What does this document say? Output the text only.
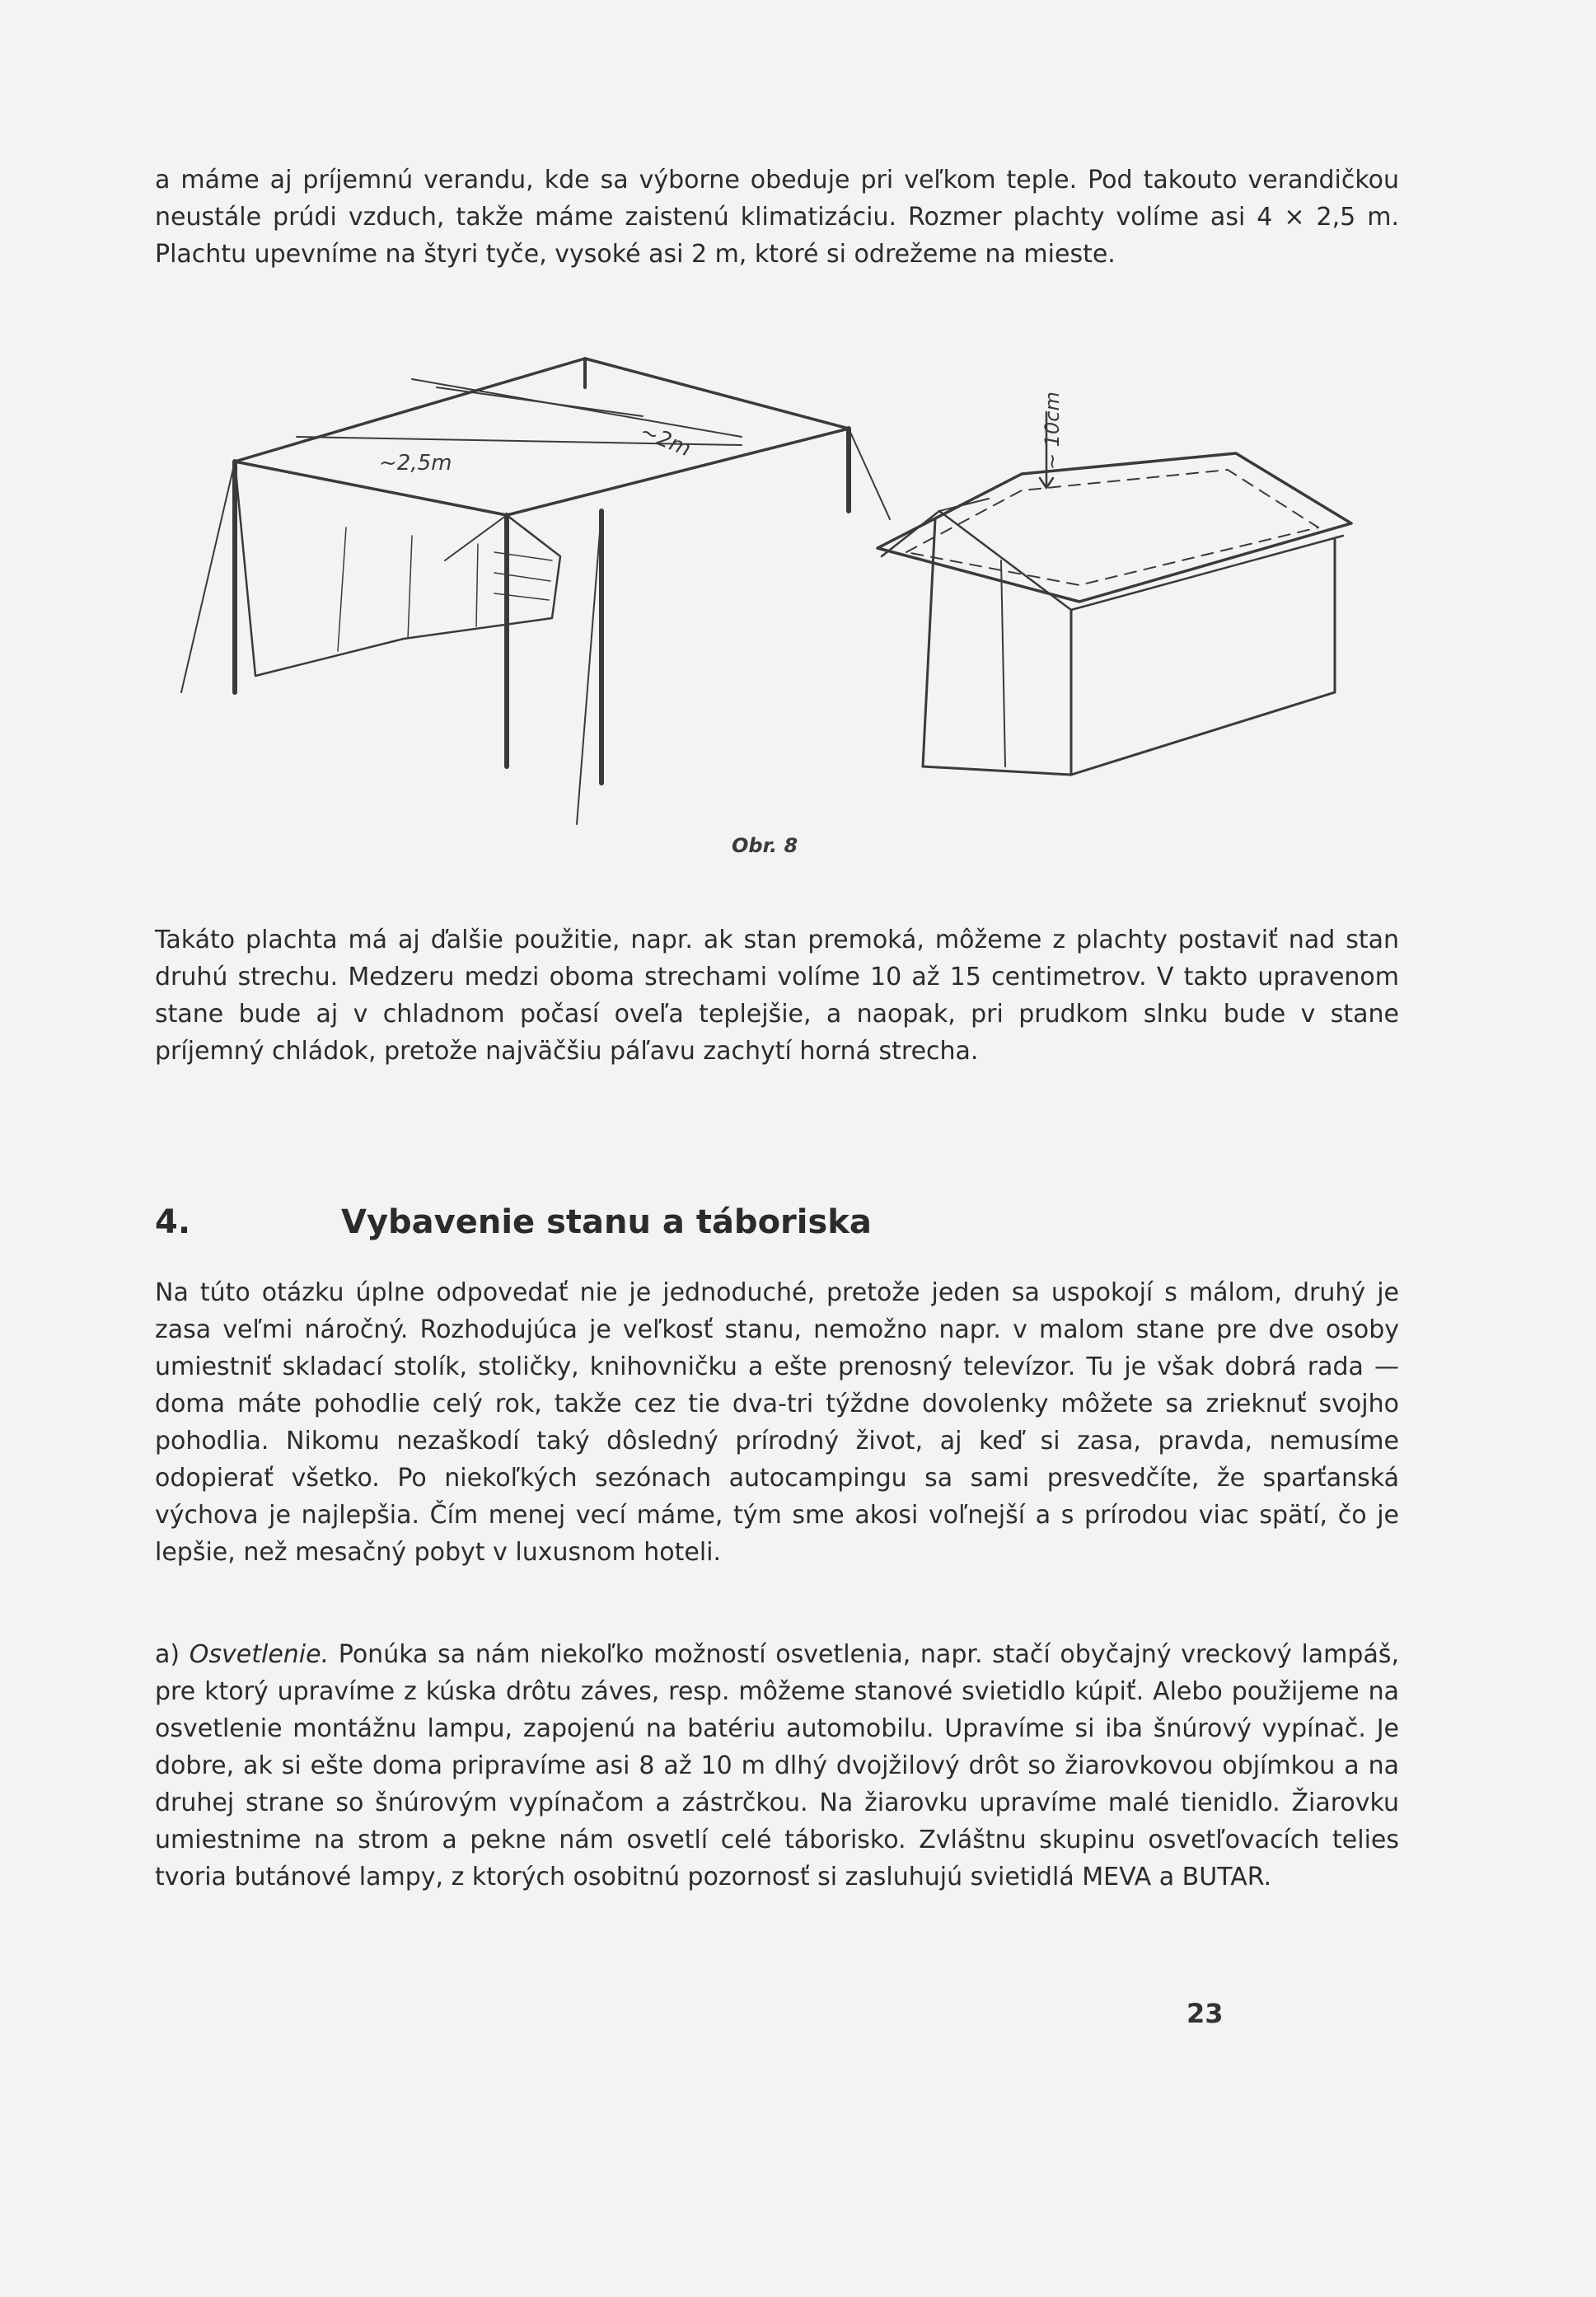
a máme aj príjemnú verandu, kde sa výborne obeduje pri veľkom teple. Pod takouto verandičkou neustále prúdi vzduch, takže máme zaistenú klimatizáciu. Rozmer plachty volíme asi 4 × 2,5 m. Plachtu upevníme na štyri tyče, vysoké asi 2 m, ktoré si odrežeme na mieste.

~2,5m
~2m	~ 10cm
Obr. 8

Takáto plachta má aj ďalšie použitie, napr. ak stan premoká, môžeme z plachty postaviť nad stan druhú strechu. Medzeru medzi oboma strechami volíme 10 až 15 centimetrov. V takto upravenom stane bude aj v chladnom počasí oveľa teplejšie, a naopak, pri prudkom slnku bude v stane príjemný chládok, pretože najväčšiu páľavu zachytí horná strecha.

4.	Vybavenie stanu a táboriska

Na túto otázku úplne odpovedať nie je jednoduché, pretože jeden sa uspokojí s málom, druhý je zasa veľmi náročný. Rozhodujúca je veľkosť stanu, nemožno napr. v malom stane pre dve osoby umiestniť skladací stolík, stoličky, knihovničku a ešte prenosný televízor. Tu je však dobrá rada — doma máte pohodlie celý rok, takže cez tie dva-tri týždne dovolenky môžete sa zrieknuť svojho pohodlia. Nikomu nezaškodí taký dôsledný prírodný život, aj keď si zasa, pravda, nemusíme odopierať všetko. Po niekoľkých sezónach autocampingu sa sami presvedčíte, že sparťanská výchova je najlepšia. Čím menej vecí máme, tým sme akosi voľnejší a s prírodou viac spätí, čo je lepšie, než mesačný pobyt v luxusnom hoteli.

a) Osvetlenie. Ponúka sa nám niekoľko možností osvetlenia, napr. stačí obyčajný vreckový lampáš, pre ktorý upravíme z kúska drôtu záves, resp. môžeme stanové svietidlo kúpiť. Alebo použijeme na osvetlenie montážnu lampu, zapojenú na batériu automobilu. Upravíme si iba šnúrový vypínač. Je dobre, ak si ešte doma pripravíme asi 8 až 10 m dlhý dvojžilový drôt so žiarovkovou objímkou a na druhej strane so šnúrovým vypínačom a zástrčkou. Na žiarovku upravíme malé tienidlo. Žiarovku umiestnime na strom a pekne nám osvetlí celé táborisko. Zvláštnu skupinu osvetľovacích telies tvoria butánové lampy, z ktorých osobitnú pozornosť si zasluhujú svietidlá MEVA a BUTAR.

23
